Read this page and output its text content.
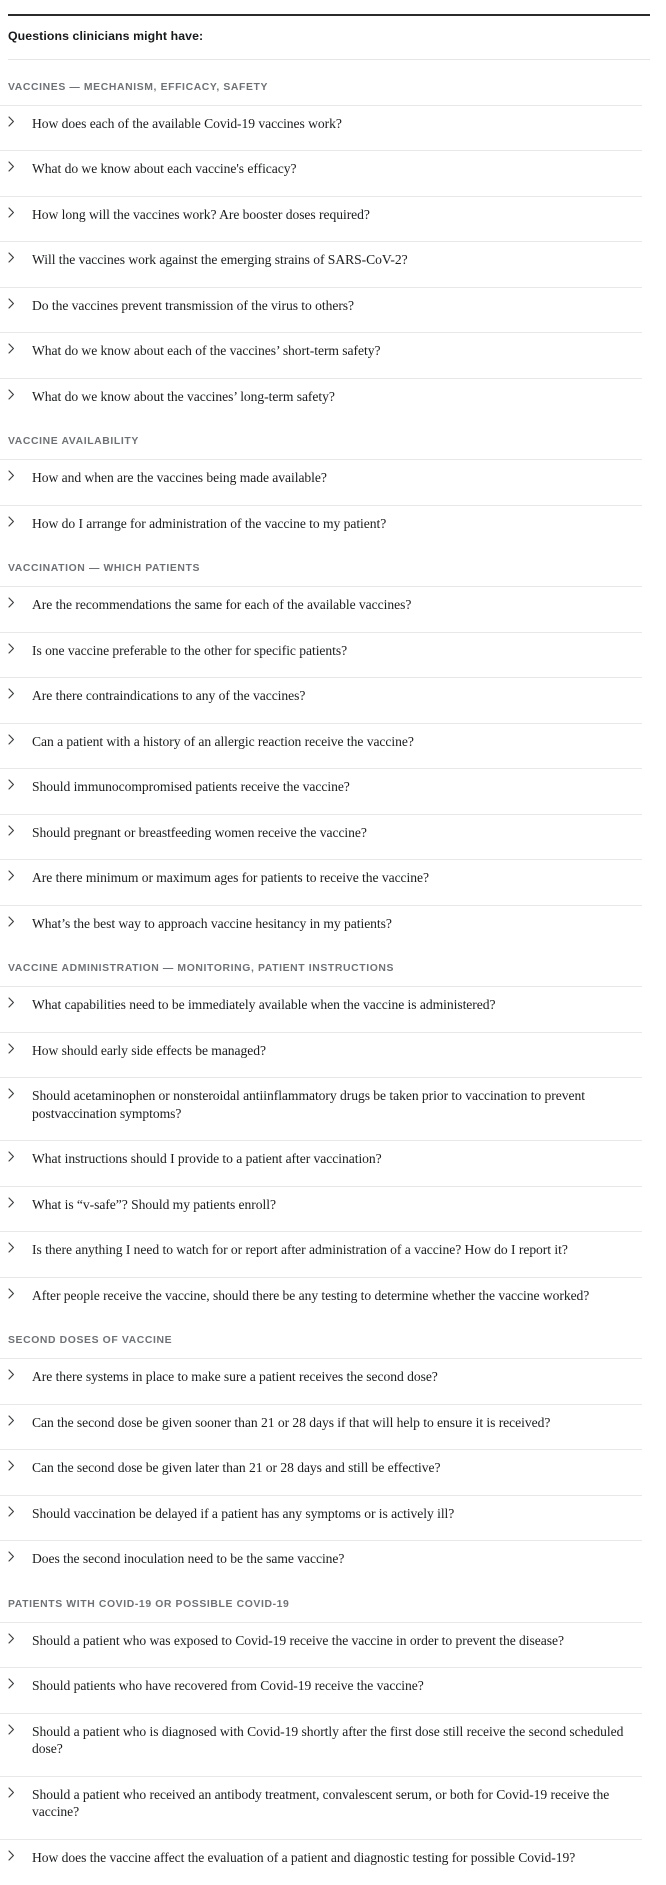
Questions clinicians might have:
VACCINES — MECHANISM, EFFICACY, SAFETY
How does each of the available Covid-19 vaccines work?
What do we know about each vaccine's efficacy?
How long will the vaccines work? Are booster doses required?
Will the vaccines work against the emerging strains of SARS-CoV-2?
Do the vaccines prevent transmission of the virus to others?
What do we know about each of the vaccines’ short-term safety?
What do we know about the vaccines’ long-term safety?
VACCINE AVAILABILITY
How and when are the vaccines being made available?
How do I arrange for administration of the vaccine to my patient?
VACCINATION — WHICH PATIENTS
Are the recommendations the same for each of the available vaccines?
Is one vaccine preferable to the other for specific patients?
Are there contraindications to any of the vaccines?
Can a patient with a history of an allergic reaction receive the vaccine?
Should immunocompromised patients receive the vaccine?
Should pregnant or breastfeeding women receive the vaccine?
Are there minimum or maximum ages for patients to receive the vaccine?
What’s the best way to approach vaccine hesitancy in my patients?
VACCINE ADMINISTRATION — MONITORING, PATIENT INSTRUCTIONS
What capabilities need to be immediately available when the vaccine is administered?
How should early side effects be managed?
Should acetaminophen or nonsteroidal antiinflammatory drugs be taken prior to vaccination to prevent postvaccination symptoms?
What instructions should I provide to a patient after vaccination?
What is “v-safe”? Should my patients enroll?
Is there anything I need to watch for or report after administration of a vaccine? How do I report it?
After people receive the vaccine, should there be any testing to determine whether the vaccine worked?
SECOND DOSES OF VACCINE
Are there systems in place to make sure a patient receives the second dose?
Can the second dose be given sooner than 21 or 28 days if that will help to ensure it is received?
Can the second dose be given later than 21 or 28 days and still be effective?
Should vaccination be delayed if a patient has any symptoms or is actively ill?
Does the second inoculation need to be the same vaccine?
PATIENTS WITH COVID-19 OR POSSIBLE COVID-19
Should a patient who was exposed to Covid-19 receive the vaccine in order to prevent the disease?
Should patients who have recovered from Covid-19 receive the vaccine?
Should a patient who is diagnosed with Covid-19 shortly after the first dose still receive the second scheduled dose?
Should a patient who received an antibody treatment, convalescent serum, or both for Covid-19 receive the vaccine?
How does the vaccine affect the evaluation of a patient and diagnostic testing for possible Covid-19?
